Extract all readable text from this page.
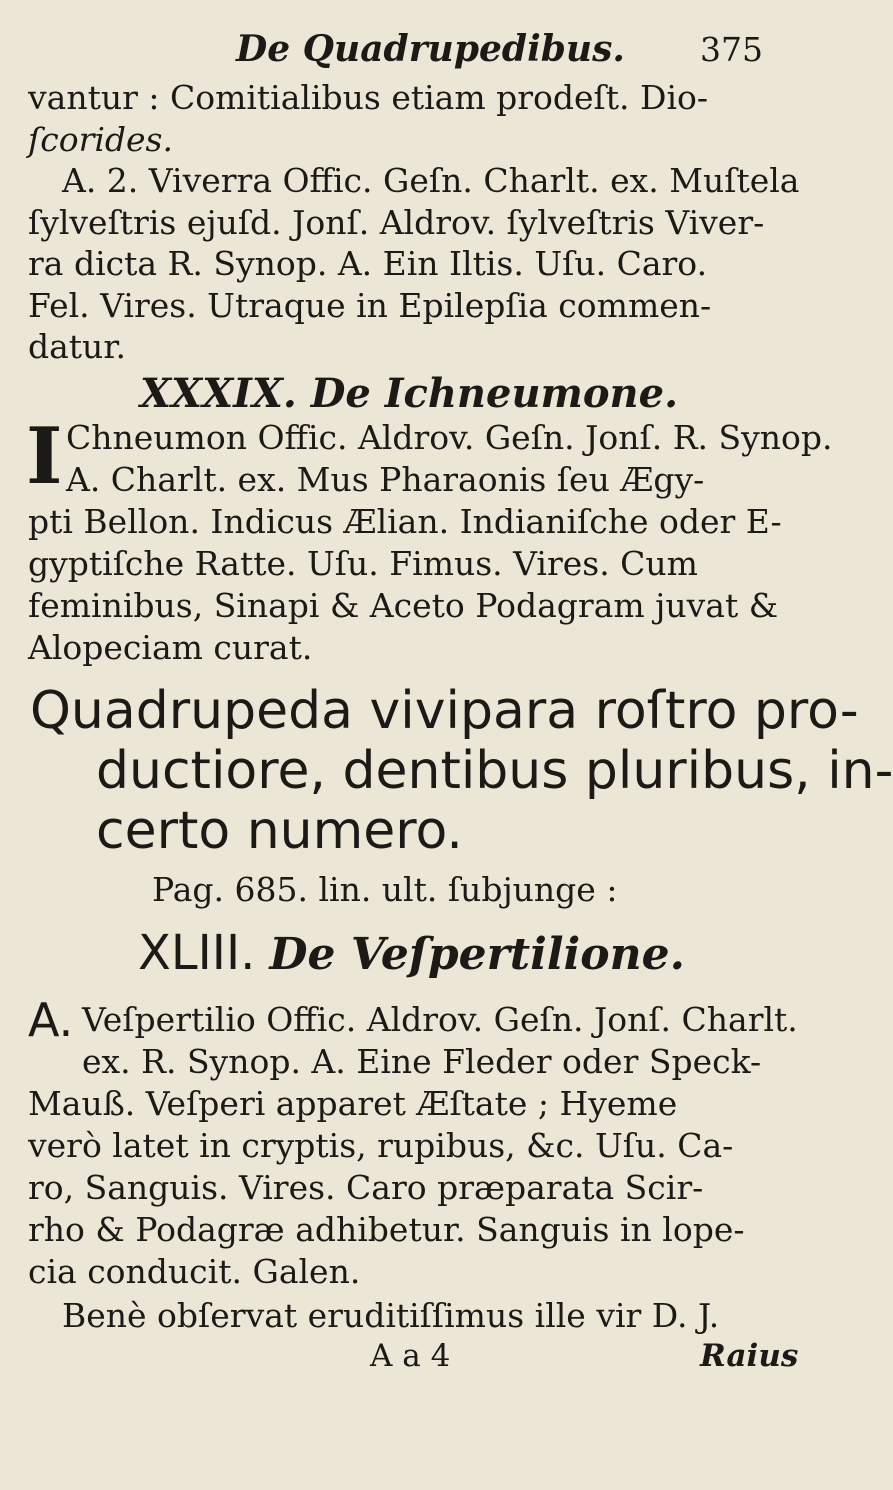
De Quadrupedibus. 375
vantur : Comitialibus etiam prodeſt. Dio-
ſcorides.
A. 2. Viverra Offic. Geſn. Charlt. ex. Muſtela
ſylveſtris ejuſd. Jonſ. Aldrov. ſylveſtris Viver-
ra dicta R. Synop. A. Ein Iltis. Uſu. Caro.
Fel. Vires. Utraque in Epilepſia commen-
datur.
XXXIX. De Ichneumone.
I Chneumon Offic. Aldrov. Geſn. Jonſ. R. Synop.
A. Charlt. ex. Mus Pharaonis ſeu Ægy-
pti Bellon. Indicus Ælian. Indianiſche oder E-
gyptiſche Ratte. Uſu. Fimus. Vires. Cum
feminibus, Sinapi & Aceto Podagram juvat &
Alopeciam curat.
Quadrupeda vivipara roſtro pro-
ductiore, dentibus pluribus, in-
certo numero.
Pag. 685. lin. ult. ſubjunge :
XLIII. De Veſpertilione.
A. Veſpertilio Offic. Aldrov. Geſn. Jonſ. Charlt.
ex. R. Synop. A. Eine Fleder oder Speck-
Mauß. Veſperi apparet Æſtate ; Hyeme
verò latet in cryptis, rupibus, &c. Uſu. Ca-
ro, Sanguis. Vires. Caro præparata Scir-
rho & Podagræ adhibetur. Sanguis in lope-
cia conducit. Galen.
Benè obſervat eruditiſſimus ille vir D. J.
A a 4	Raius
